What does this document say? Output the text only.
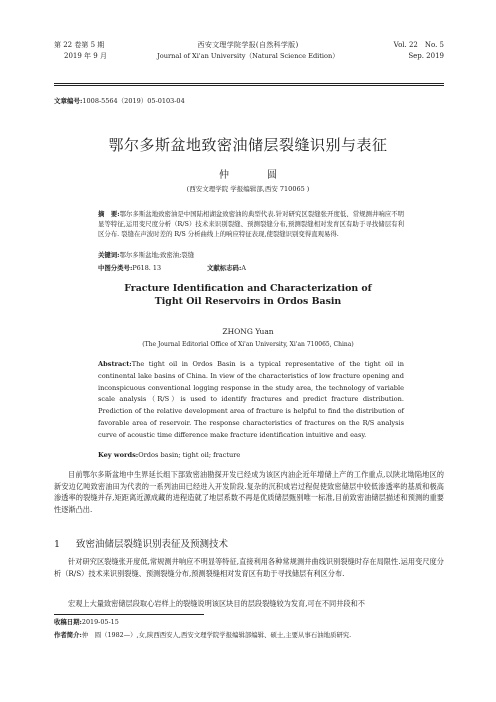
第 22 卷第 5 期
2019 年 9 月
西安文理学院学报(自然科学版)
Journal of Xi'an University（Natural Science Edition）
Vol. 22　No. 5
Sep. 2019
文章编号:1008-5564（2019）05-0103-04
鄂尔多斯盆地致密油储层裂缝识别与表征
仲　圆
(西安文理学院 学报编辑部,西安 710065 )
摘　要:鄂尔多斯盆地致密油是中国陆相湖盆致密油的典型代表.针对研究区裂缝张开度低、常规测井响应不明显等特征,运用变尺度分析（R/S）技术来识别裂缝、预测裂缝分布,预测裂缝相对发育区有助于寻找储层有利区分布. 裂缝在声波时差的 R/S 分析曲线上的响应特征表现,使裂缝识别变得直观易得.
关键词:鄂尔多斯盆地;致密油;裂缝
中图分类号:P618. 13	文献标志码:A
Fracture Identification and Characterization of
Tight Oil Reservoirs in Ordos Basin
ZHONG Yuan
(The Journal Editorial Office of Xi'an University, Xi'an 710065, China)
Abstract:The tight oil in Ordos Basin is a typical representative of the tight oil in continental lake basins of China. In view of the characteristics of low fracture opening and inconspicuous conventional logging response in the study area, the technology of variable scale analysis（R/S）is used to identify fractures and predict fracture distribution. Prediction of the relative development area of fracture is helpful to find the distribution of favorable area of reservoir. The response characteristics of fractures on the R/S analysis curve of acoustic time difference make fracture identification intuitive and easy.
Key words:Ordos basin; tight oil; fracture
目前鄂尔多斯盆地中生界延长组下部致密油勘探开发已经成为该区内油企近年增储上产的工作重点,以陕北坳陷地区的新安边亿吨致密油田为代表的一系列油田已经进入开发阶段.复杂的沉积成岩过程促使致密储层中较低渗透率的基质和极高渗透率的裂缝并存,矩距离近源成藏的进程造就了地层系数不再是优质储层甄别唯一标准,目前致密油储层描述和预测的重要性逐渐凸出.
1 致密油储层裂缝识别表征及预测技术
针对研究区裂缝张开度低,常规测井响应不明显等特征,直接利用各种常规测井曲线识别裂缝时存在局限性.运用变尺度分析（R/S）技术来识别裂缝、预测裂缝分布,预测裂缝相对发育区有助于寻找储层有利区分布.
宏观上大量致密储层段取心岩样上的裂缝说明该区块目的层段裂缝较为发育,可在不同井段和不
收稿日期:2019-05-15
作者简介:仲　圆（1982—）,女,陕西西安人,西安文理学院学报编辑部编辑、硕士,主要从事石油地质研究.
